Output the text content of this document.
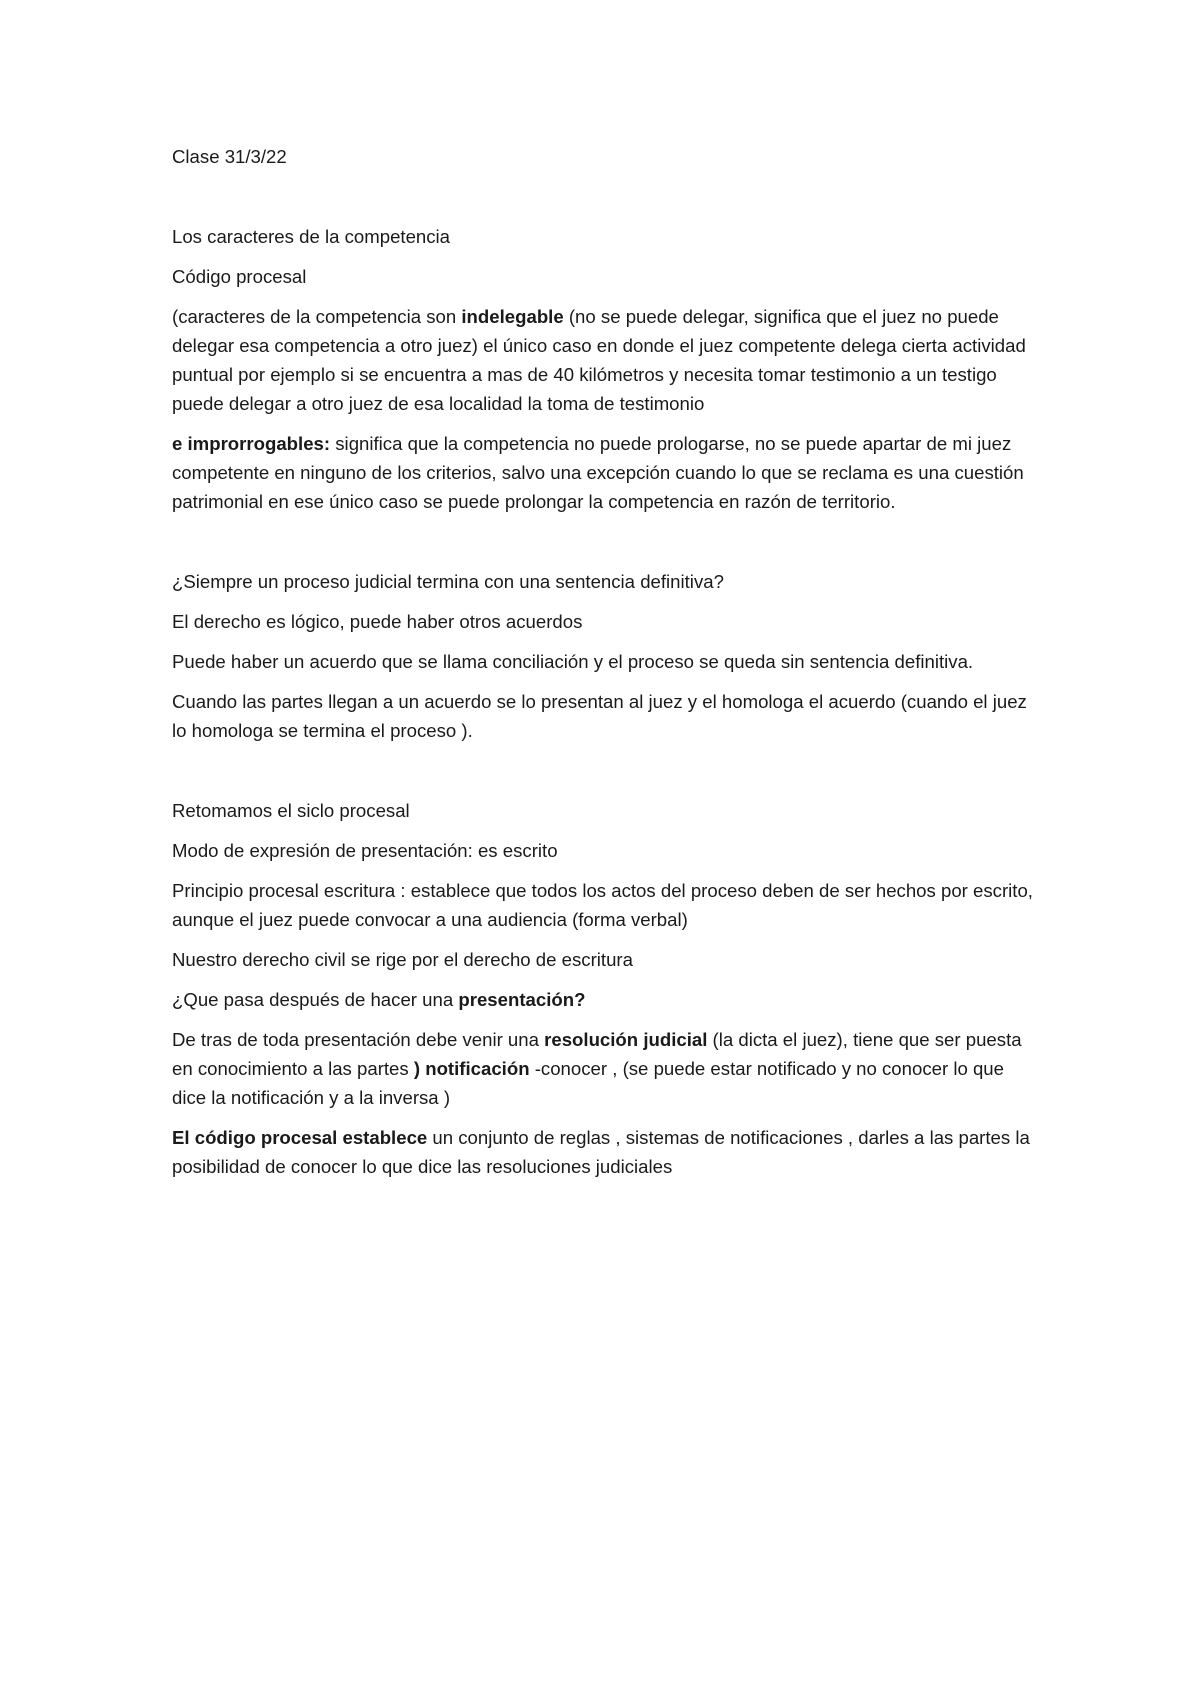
Clase 31/3/22

Los caracteres de la competencia

Código procesal

(caracteres de la competencia son indelegable (no se puede delegar, significa que el juez no puede delegar esa competencia a otro juez) el único caso en donde el juez competente delega cierta actividad puntual por ejemplo si se encuentra a mas de 40 kilómetros y necesita tomar testimonio a un testigo puede delegar a otro juez de esa localidad la toma de testimonio

e improrrogables: significa que la competencia no puede prologarse, no se puede apartar de mi juez competente en ninguno de los criterios, salvo una excepción cuando lo que se reclama es una cuestión patrimonial en ese único caso se puede prolongar la competencia en razón de territorio.

¿Siempre un proceso judicial termina con una sentencia definitiva?

El derecho es lógico, puede haber otros acuerdos

Puede haber un acuerdo que se llama conciliación y el proceso se queda sin sentencia definitiva.

Cuando las partes llegan a un acuerdo se lo presentan al juez y el homologa el acuerdo (cuando el juez lo homologa se termina el proceso ).

Retomamos el siclo procesal

Modo de expresión de presentación: es escrito

Principio procesal escritura : establece que todos los actos del proceso deben de ser hechos por escrito, aunque el juez puede convocar a una audiencia (forma verbal)

Nuestro derecho civil se rige por el derecho de escritura

¿Que pasa después de hacer una presentación?

De tras de toda presentación debe venir una resolución judicial (la dicta el juez), tiene que ser puesta en conocimiento a las partes ) notificación -conocer , (se puede estar notificado y no conocer lo que dice la notificación y a la inversa )

El código procesal establece un conjunto de reglas , sistemas de notificaciones , darles a las partes la posibilidad de conocer lo que dice las resoluciones judiciales
